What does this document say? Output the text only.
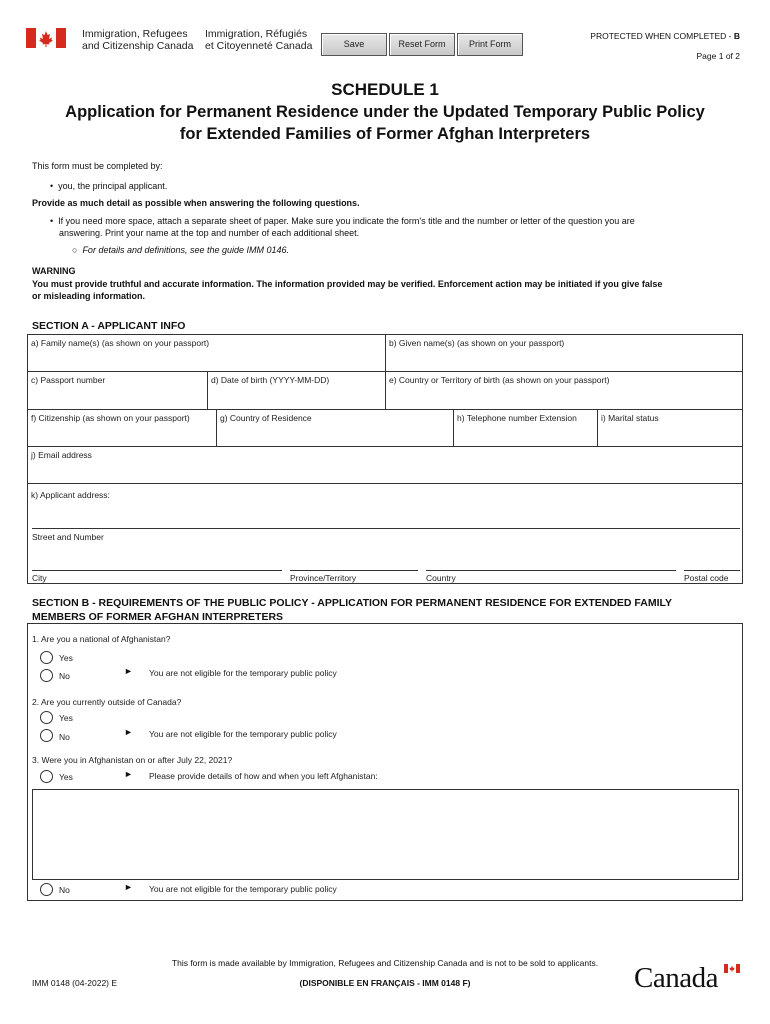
Immigration, Refugees
and Citizenship Canada
Immigration, Réfugiés
et Citoyenneté Canada	Save	Reset Form	Print Form
PROTECTED WHEN COMPLETED - B
Page 1 of 2
SCHEDULE 1
Application for Permanent Residence under the Updated Temporary Public Policy
for Extended Families of Former Afghan Interpreters
This form must be completed by:
•  you, the principal applicant.
Provide as much detail as possible when answering the following questions.
•  If you need more space, attach a separate sheet of paper. Make sure you indicate the form's title and the number or letter of the question you are
answering. Print your name at the top and number of each additional sheet.
○  For details and definitions, see the guide IMM 0146.
WARNING
You must provide truthful and accurate information. The information provided may be verified. Enforcement action may be initiated if you give false
or misleading information.
SECTION A - APPLICANT INFO
a) Family name(s) (as shown on your passport)	b) Given name(s) (as shown on your passport)
c) Passport number	d) Date of birth (YYYY-MM-DD)	e) Country or Territory of birth (as shown on your passport)
f) Citizenship (as shown on your passport)	g) Country of Residence	h) Telephone number Extension	i) Marital status
j) Email address
k) Applicant address:
Street and Number
City	Province/Territory	Country	Postal code
SECTION B - REQUIREMENTS OF THE PUBLIC POLICY - APPLICATION FOR PERMANENT RESIDENCE FOR EXTENDED FAMILY
MEMBERS OF FORMER AFGHAN INTERPRETERS
1. Are you a national of Afghanistan?
Yes
No	► You are not eligible for the temporary public policy
2. Are you currently outside of Canada?
Yes
No	► You are not eligible for the temporary public policy
3. Were you in Afghanistan on or after July 22, 2021?
Yes	► Please provide details of how and when you left Afghanistan:
No	► You are not eligible for the temporary public policy
This form is made available by Immigration, Refugees and Citizenship Canada and is not to be sold to applicants.
IMM 0148 (04-2022) E	(DISPONIBLE EN FRANÇAIS - IMM 0148 F)	Canada
